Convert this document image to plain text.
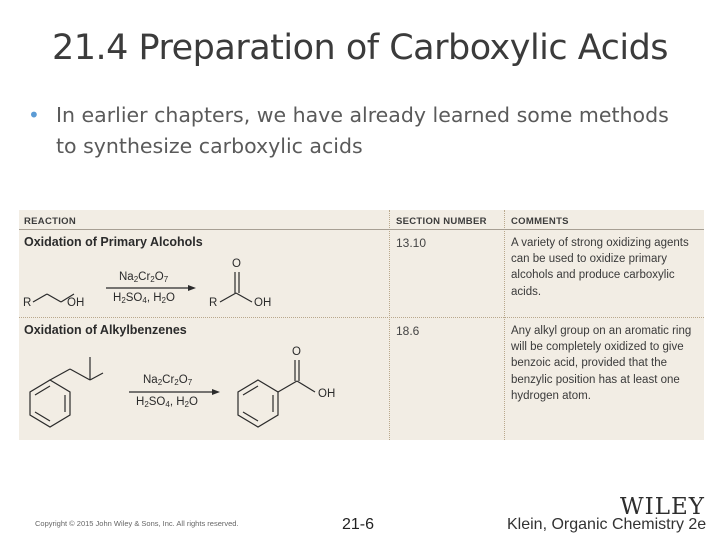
21.4 Preparation of Carboxylic Acids
• In earlier chapters, we have already learned some methods to synthesize carboxylic acids
REACTION	SECTION NUMBER	COMMENTS
Oxidation of Primary Alcohols	13.10	A variety of strong oxidizing agents can be used to oxidize primary alcohols and produce carboxylic acids.
R	OH
$Na_2Cr_2O_7$
$H_2SO_4$, $H_2O$	R
O
OH
Oxidation of Alkylbenzenes	18.6	Any alkyl group on an aromatic ring will be completely oxidized to give benzoic acid, provided that the benzylic position has at least one hydrogen atom.
$Na_2Cr_2O_7$
$H_2SO_4$, $H_2O$
O
OH
Copyright © 2015 John Wiley & Sons, Inc. All rights reserved.	21-6
WILEY
Klein, Organic Chemistry 2e
